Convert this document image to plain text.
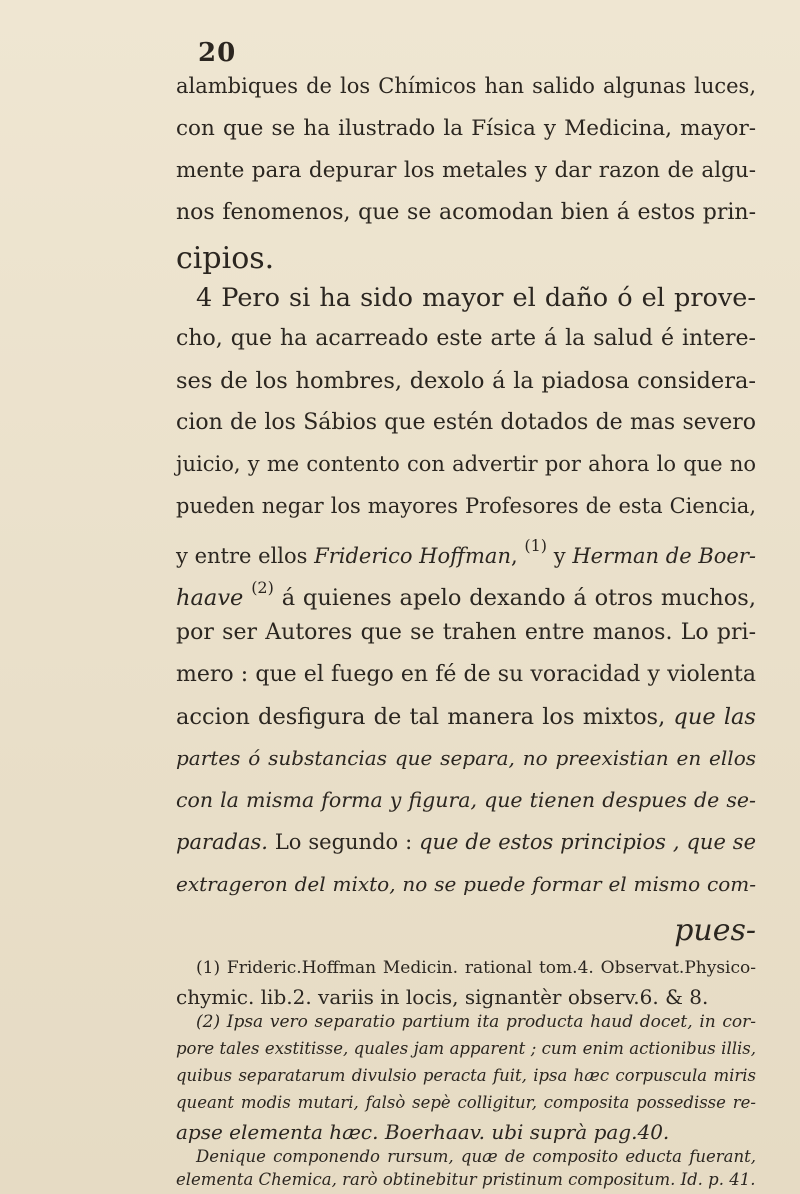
20
alambiques de los Chímicos han salido algunas luces,
con que se ha ilustrado la Física y Medicina, mayor-
mente para depurar los metales y dar razon de algu-
nos fenomenos, que se acomodan bien á estos prin-
cipios.
4 Pero si ha sido mayor el daño ó el prove-
cho, que ha acarreado este arte á la salud é intere-
ses de los hombres, dexolo á la piadosa considera-
cion de los Sábios que estén dotados de mas severo
juicio, y me contento con advertir por ahora lo que no
pueden negar los mayores Profesores de esta Ciencia,
y entre ellos Friderico Hoffman, $^{(1)}$ y Herman de Boer-
haave $^{(2)}$ á quienes apelo dexando á otros muchos,
por ser Autores que se trahen entre manos. Lo pri-
mero : que el fuego en fé de su voracidad y violenta
accion desfigura de tal manera los mixtos, que las
partes ó substancias que separa, no preexistian en ellos
con la misma forma y figura, que tienen despues de se-
paradas. Lo segundo : que de estos principios , que se
extrageron del mixto, no se puede formar el mismo com-
pues-
(1) Frideric.Hoffman Medicin. rational tom.4. Observat.Physico-
chymic. lib.2. variis in locis, signantèr observ.6. & 8.
(2) Ipsa vero separatio partium ita producta haud docet, in cor-
pore tales exstitisse, quales jam apparent ; cum enim actionibus illis,
quibus separatarum divulsio peracta fuit, ipsa hæc corpuscula miris
queant modis mutari, falsò sepè colligitur, composita possedisse re-
apse elementa hæc. Boerhaav. ubi suprà pag.40.
Denique componendo rursum, quæ de composito educta fuerant,
elementa Chemica, rarò obtinebitur pristinum compositum. Id. p. 41.
